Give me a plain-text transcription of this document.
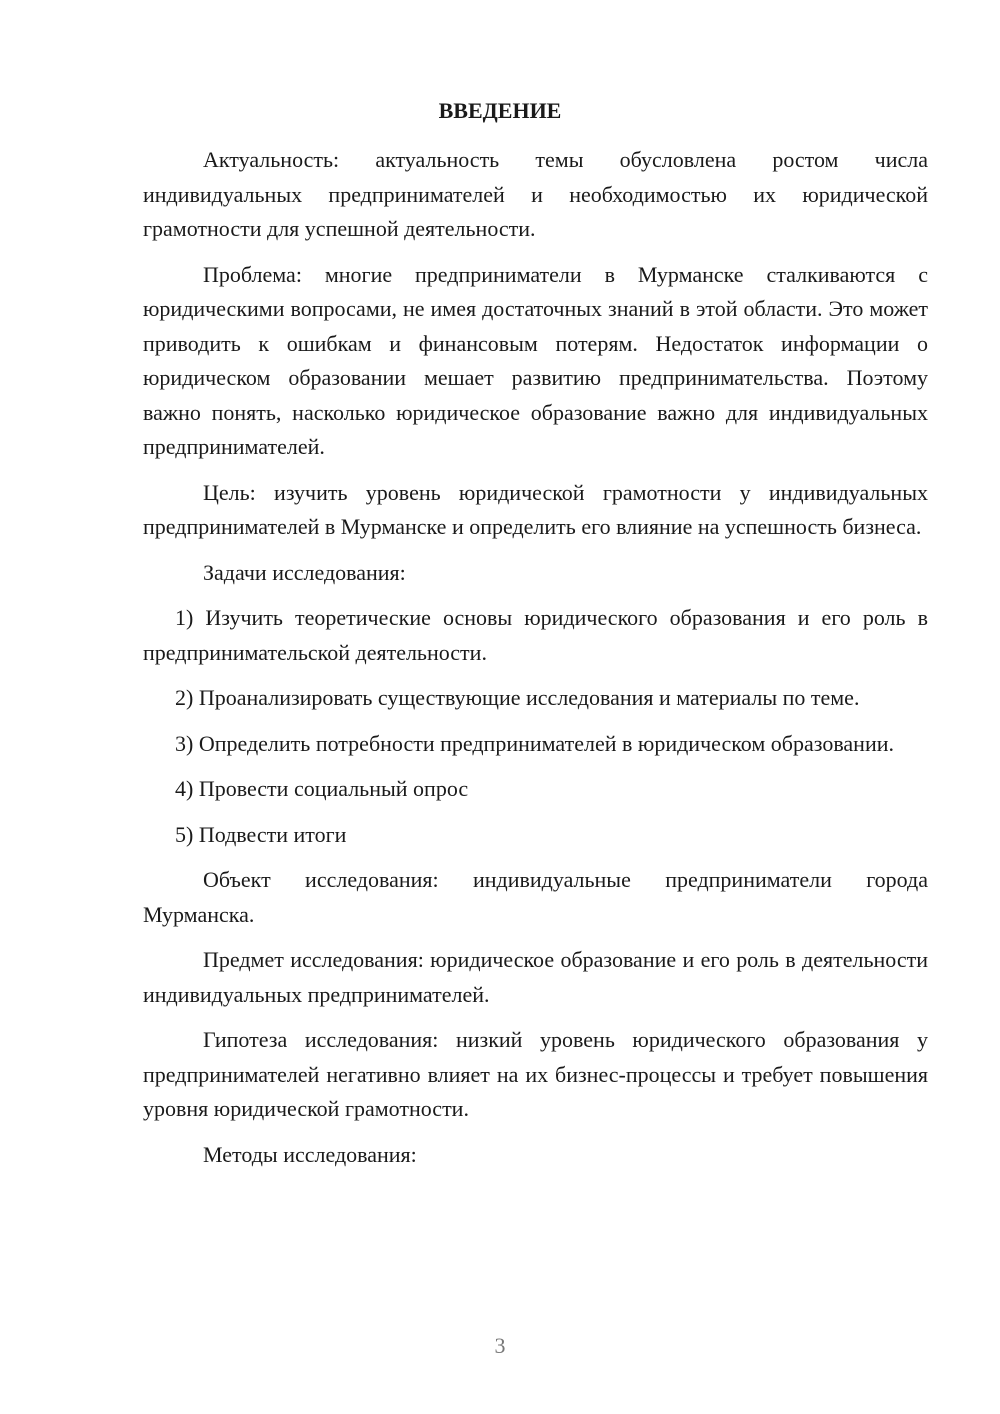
ВВЕДЕНИЕ

Актуальность: актуальность темы обусловлена ростом числа индивидуальных предпринимателей и необходимостью их юридической грамотности для успешной деятельности.

Проблема: многие предприниматели в Мурманске сталкиваются с юридическими вопросами, не имея достаточных знаний в этой области. Это может приводить к ошибкам и финансовым потерям. Недостаток информации о юридическом образовании мешает развитию предпринимательства. Поэтому важно понять, насколько юридическое образование важно для индивидуальных предпринимателей.

Цель: изучить уровень юридической грамотности у индивидуальных предпринимателей в Мурманске и определить его влияние на успешность бизнеса.

Задачи исследования:

1) Изучить теоретические основы юридического образования и его роль в предпринимательской деятельности.

2) Проанализировать существующие исследования и материалы по теме.

3) Определить потребности предпринимателей в юридическом образовании.

4) Провести социальный опрос

5) Подвести итоги

Объект исследования: индивидуальные предприниматели города Мурманска.

Предмет исследования: юридическое образование и его роль в деятельности индивидуальных предпринимателей.

Гипотеза исследования: низкий уровень юридического образования у предпринимателей негативно влияет на их бизнес-процессы и требует повышения уровня юридической грамотности.

Методы исследования:

3
